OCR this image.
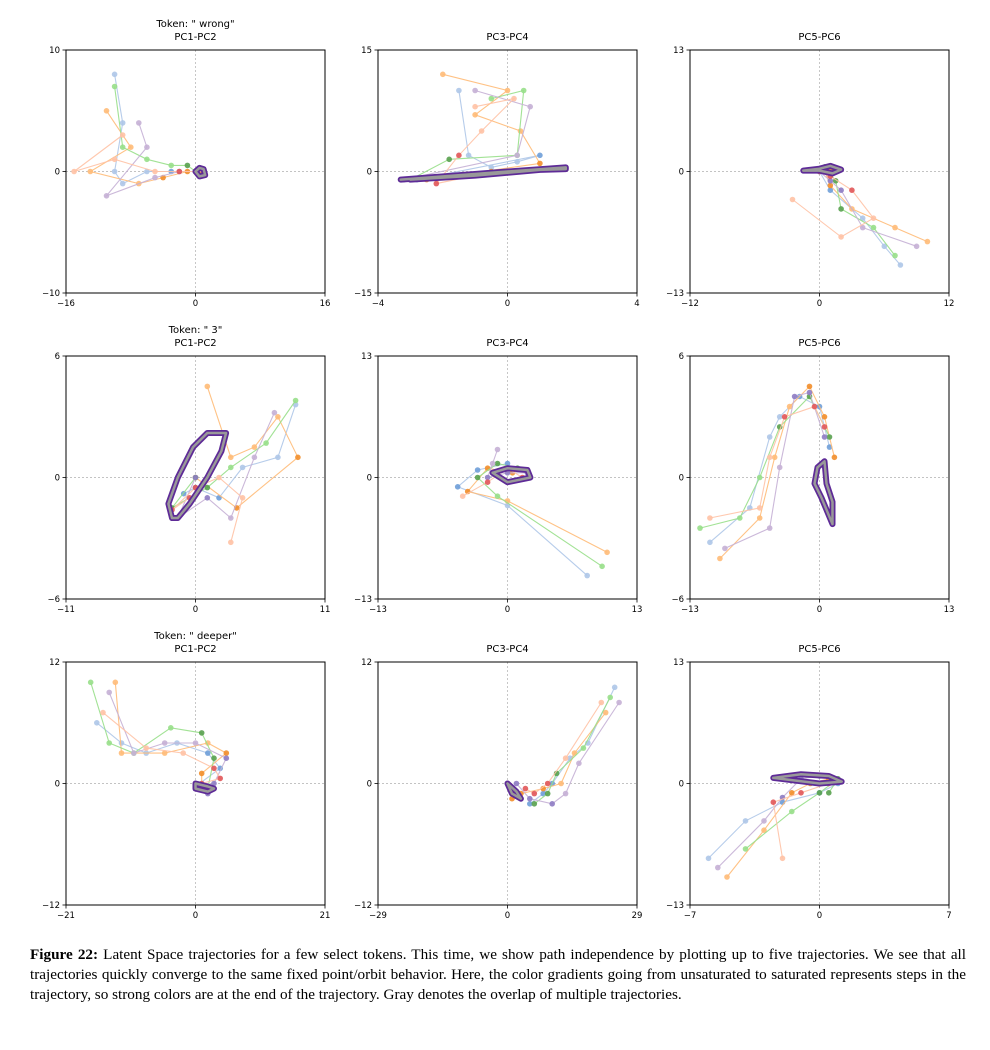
−16	0	16
−10
0
10
PC1-PC2
Token: " wrong"
−4	0	4
−15
0
15
PC3-PC4
−12	0	12
−13
0
13
PC5-PC6
−11	0	11
−6
0
6
PC1-PC2
Token: " 3"
−13	0	13
−13
0
13
PC3-PC4
−13	0	13
−6
0
6
PC5-PC6
−21	0	21
−12
0
12
PC1-PC2
Token: " deeper"
−29	0	29
−12
0
12
PC3-PC4
−7	0	7
−13
0
13
PC5-PC6
Figure 22: Latent Space trajectories for a few select tokens. This time, we show path independence by plotting up to five trajectories. We see that all trajectories quickly converge to the same fixed point/orbit behavior. Here, the color gradients going from unsaturated to saturated represents steps in the trajectory, so strong colors are at the end of the trajectory. Gray denotes the overlap of multiple trajectories.
